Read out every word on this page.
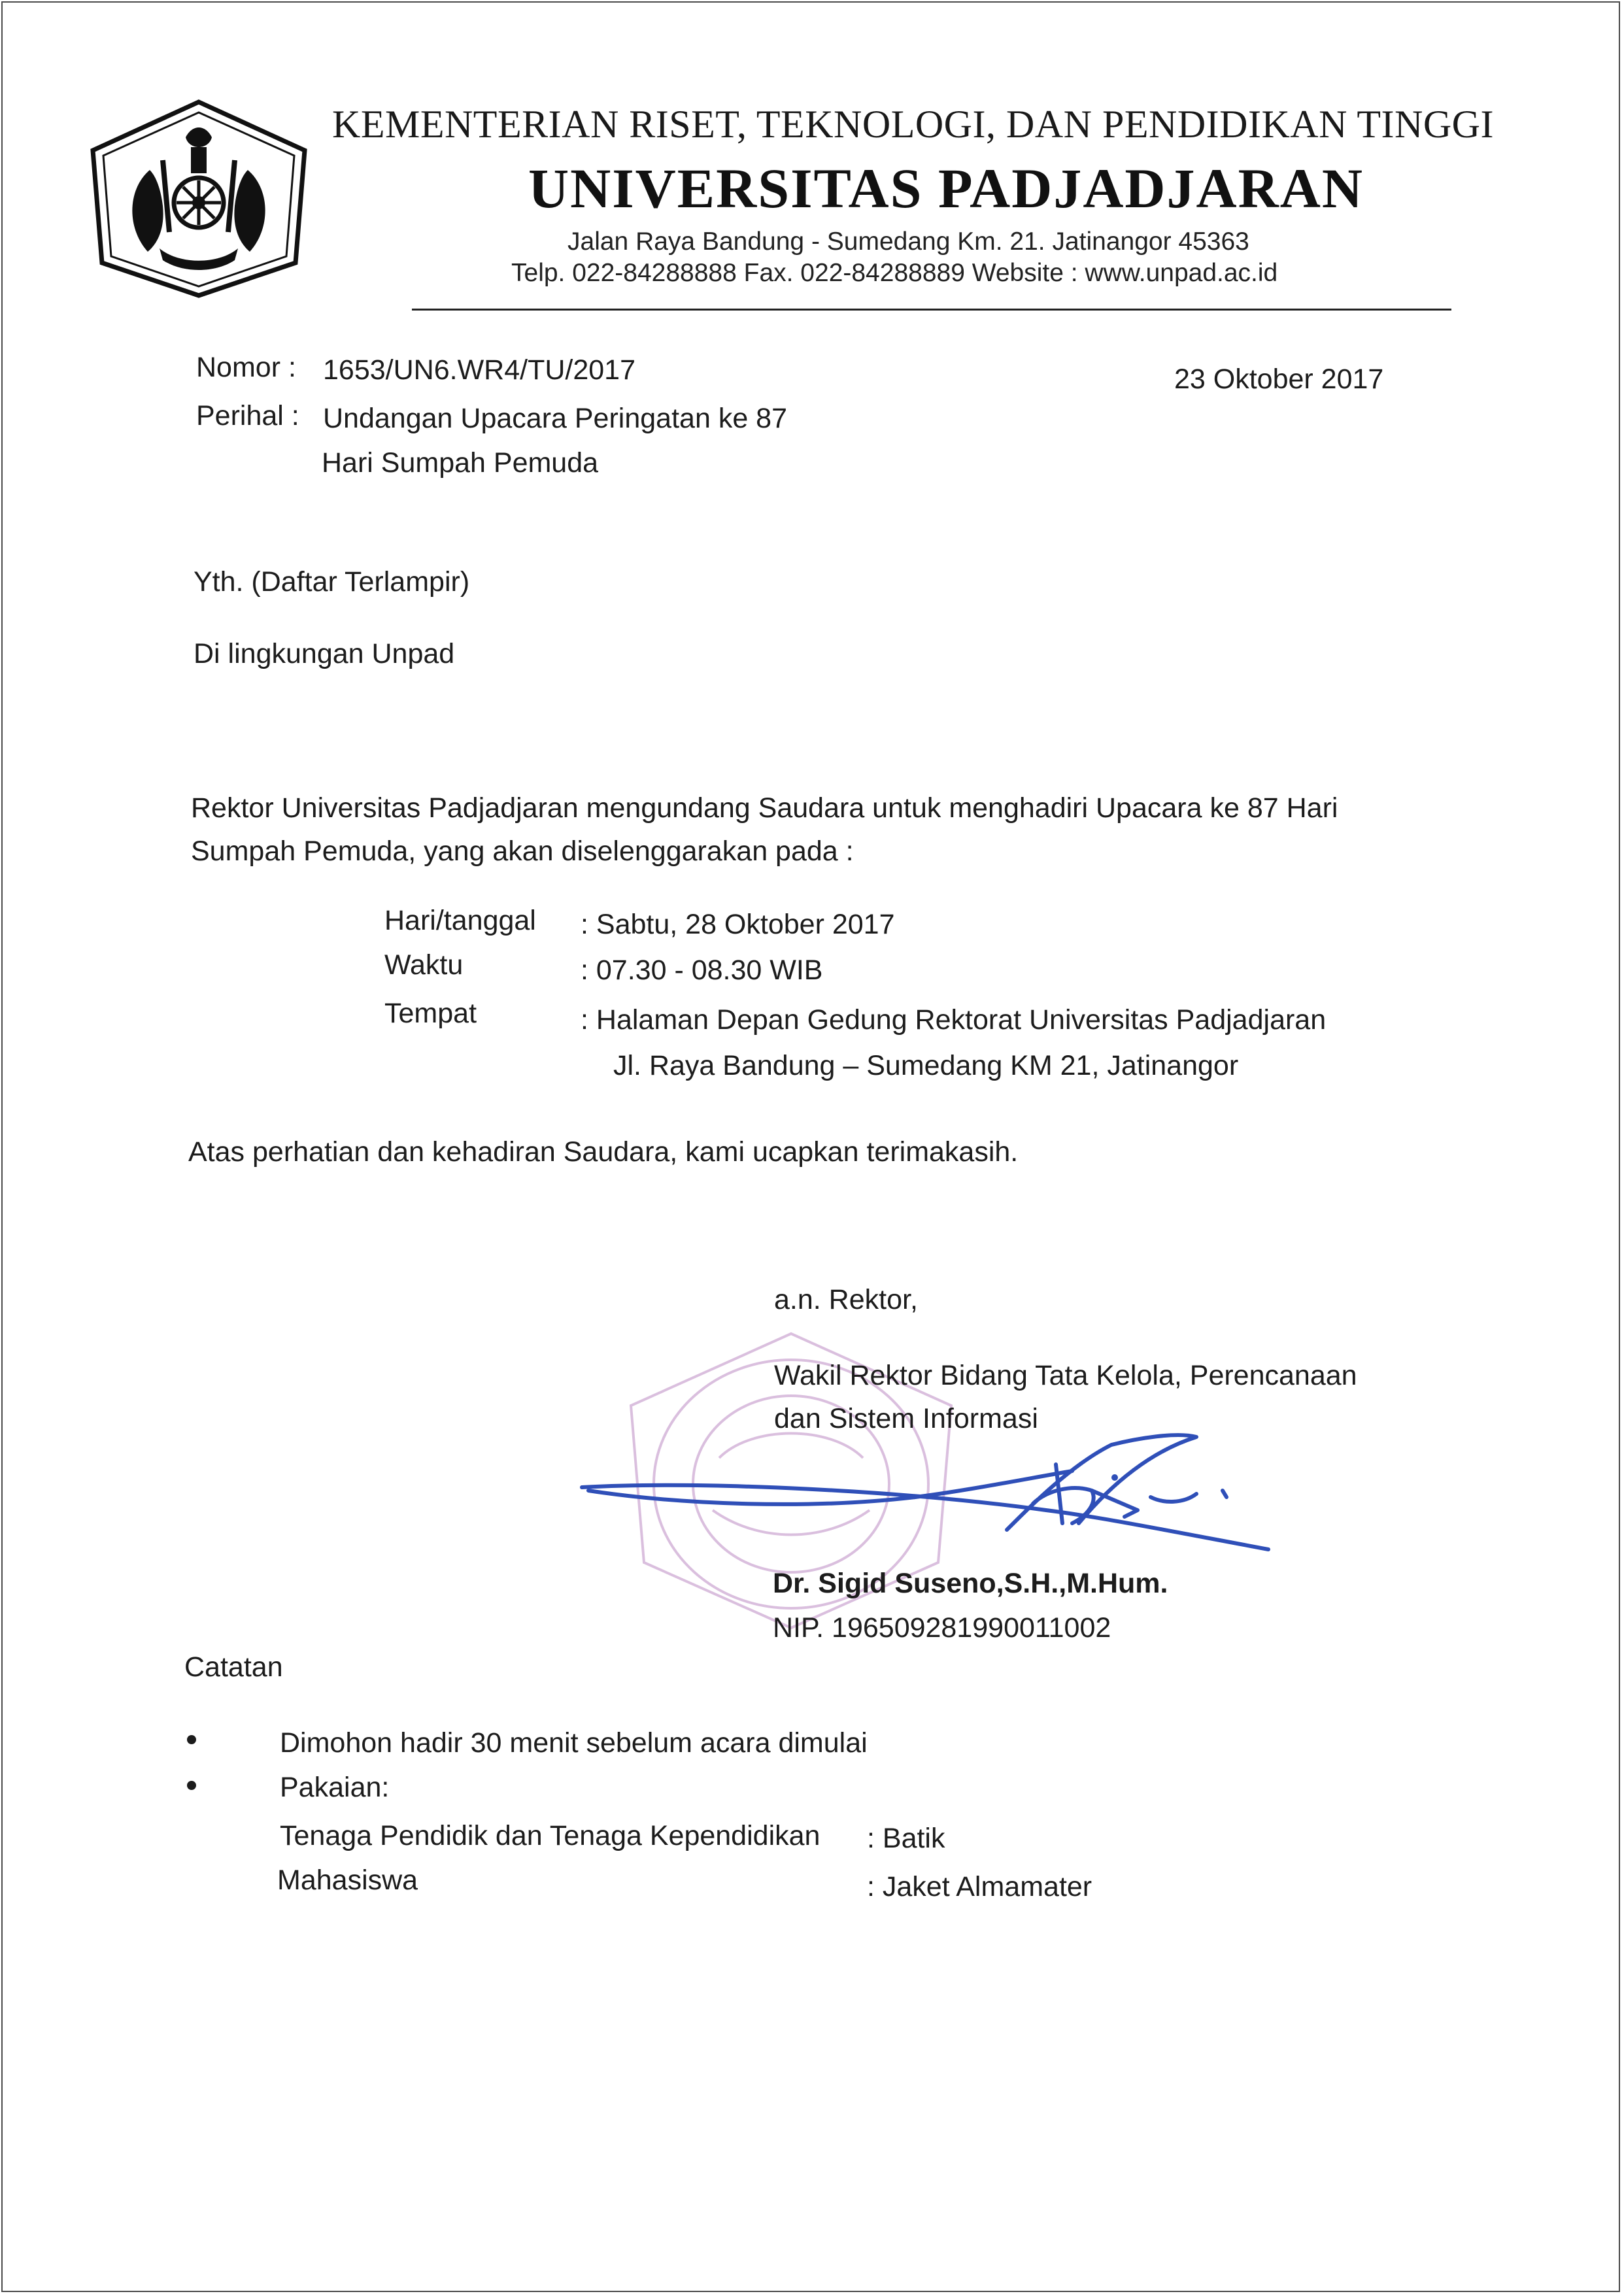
KEMENTERIAN RISET, TEKNOLOGI, DAN PENDIDIKAN TINGGI
UNIVERSITAS PADJADJARAN
Jalan Raya Bandung - Sumedang Km. 21. Jatinangor 45363
Telp. 022-84288888 Fax. 022-84288889 Website : www.unpad.ac.id
Nomor : 1653/UN6.WR4/TU/2017
Perihal : Undangan Upacara Peringatan ke 87
Hari Sumpah Pemuda
23 Oktober 2017
Yth. (Daftar Terlampir)
Di lingkungan Unpad
Rektor Universitas Padjadjaran mengundang Saudara untuk menghadiri Upacara ke 87 Hari
Sumpah Pemuda, yang akan diselenggarakan pada :
Hari/tanggal : Sabtu, 28 Oktober 2017
Waktu	: 07.30 - 08.30 WIB
Tempat	: Halaman Depan Gedung Rektorat Universitas Padjadjaran
Jl. Raya Bandung – Sumedang KM 21, Jatinangor
Atas perhatian dan kehadiran Saudara, kami ucapkan terimakasih.
a.n. Rektor,
Wakil Rektor Bidang Tata Kelola, Perencanaan
dan Sistem Informasi
Dr. Sigid Suseno,S.H.,M.Hum.
NIP. 196509281990011002
Catatan
Dimohon hadir 30 menit sebelum acara dimulai
Pakaian:
Tenaga Pendidik dan Tenaga Kependidikan : Batik
Mahasiswa	: Jaket Almamater
